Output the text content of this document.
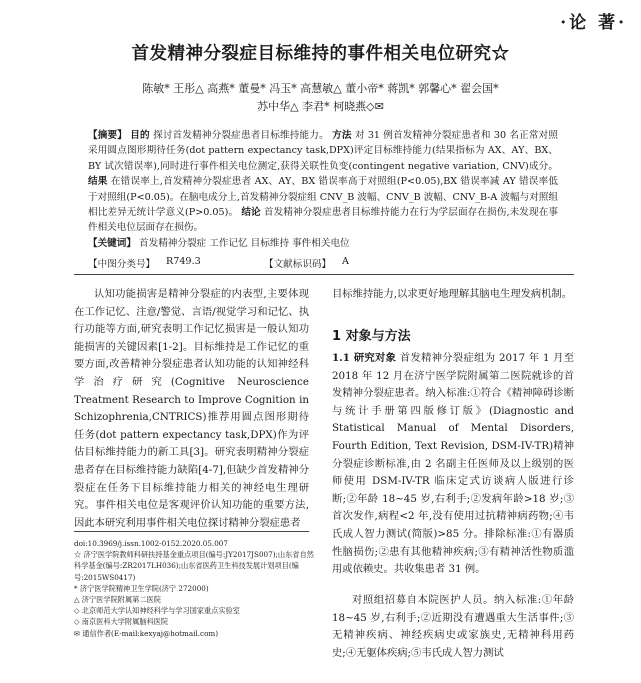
·论 著·
首发精神分裂症目标维持的事件相关电位研究☆
陈敏* 王彤△ 高燕* 董曼* 冯玉* 高慧敏△ 董小帝* 蒋凯* 郭馨心* 翟会国*
苏中华△ 李君* 柯晓燕◇✉
【摘要】 目的 探讨首发精神分裂症患者目标维持能力。 方法 对 31 例首发精神分裂症患者和 30 名正常对照采用圆点图形期待任务(dot pattern expectancy task,DPX)评定目标维持能力(结果指标为 AX、AY、BX、BY 试次错误率),同时进行事件相关电位测定,获得关联性负变(contingent negative variation, CNV)成分。 结果 在错误率上,首发精神分裂症患者 AX、AY、BX 错误率高于对照组(P<0.05),BX 错误率减 AY 错误率低于对照组(P<0.05)。在脑电成分上,首发精神分裂症组 CNV_B 波幅、CNV_B 波幅、CNV_B-A 波幅与对照组相比差异无统计学意义(P>0.05)。 结论 首发精神分裂症患者目标维持能力在行为学层面存在损伤,未发现在事件相关电位层面存在损伤。
【关键词】 首发精神分裂症 工作记忆 目标维持 事件相关电位
【中图分类号】 R749.3	【文献标识码】 A
认知功能损害是精神分裂症的内表型,主要体现在工作记忆、注意/警觉、言语/视觉学习和记忆、执行功能等方面,研究表明工作记忆损害是一般认知功能损害的关键因素[1-2]。目标维持是工作记忆的重要方面,改善精神分裂症患者认知功能的认知神经科学治疗研究(Cognitive Neuroscience Treatment Research to Improve Cognition in Schizophrenia,CNTRICS)推荐用圆点图形期待任务(dot pattern expectancy task,DPX)作为评估目标维持能力的新工具[3]。研究表明精神分裂症患者存在目标维持能力缺陷[4-7],但缺少首发精神分裂症在任务下目标维持能力相关的神经电生理研究。事件相关电位是客观评价认知功能的重要方法,因此本研究利用事件相关电位探讨精神分裂症患者
目标维持能力,以求更好地理解其脑电生理发病机制。
1 对象与方法
1.1 研究对象 首发精神分裂症组为 2017 年 1 月至 2018 年 12 月在济宁医学院附属第二医院就诊的首发精神分裂症患者。纳入标准:①符合《精神障碍诊断与统计手册第四版修订版》(Diagnostic and Statistical Manual of Mental Disorders, Fourth Edition, Text Revision, DSM-IV-TR)精神分裂症诊断标准,由 2 名副主任医师及以上级别的医师使用 DSM-IV-TR 临床定式访谈病人版进行诊断;②年龄 18~45 岁,右利手;②发病年龄>18 岁;③首次发作,病程<2 年,没有使用过抗精神病药物;④韦氏成人智力测试(简版)>85 分。排除标准:①有器质性脑损伤;②患有其他精神疾病;③有精神活性物质滥用或依赖史。共收集患者 31 例。
对照组招募自本院医护人员。纳入标准:①年龄 18~45 岁,右利手;②近期没有遭遇重大生活事件;③无精神疾病、神经疾病史或家族史,无精神科用药史;④无躯体疾病;⑤韦氏成人智力测试
doi:10.3969/j.issn.1002-0152.2020.05.007
☆ 济宁医学院教师科研扶持基金重点项目(编号:JY2017JS007);山东省自然科学基金(编号:ZR2017LH036);山东省医药卫生科技发展计划项目(编号:2015WS0417)
* 济宁医学院精神卫生学院(济宁 272000)
△ 济宁医学院附属第二医院
◇ 北京师范大学认知神经科学与学习国家重点实验室
◇ 南京医科大学附属脑科医院
✉ 通信作者(E-mail:kexyaj@hotmail.com)
